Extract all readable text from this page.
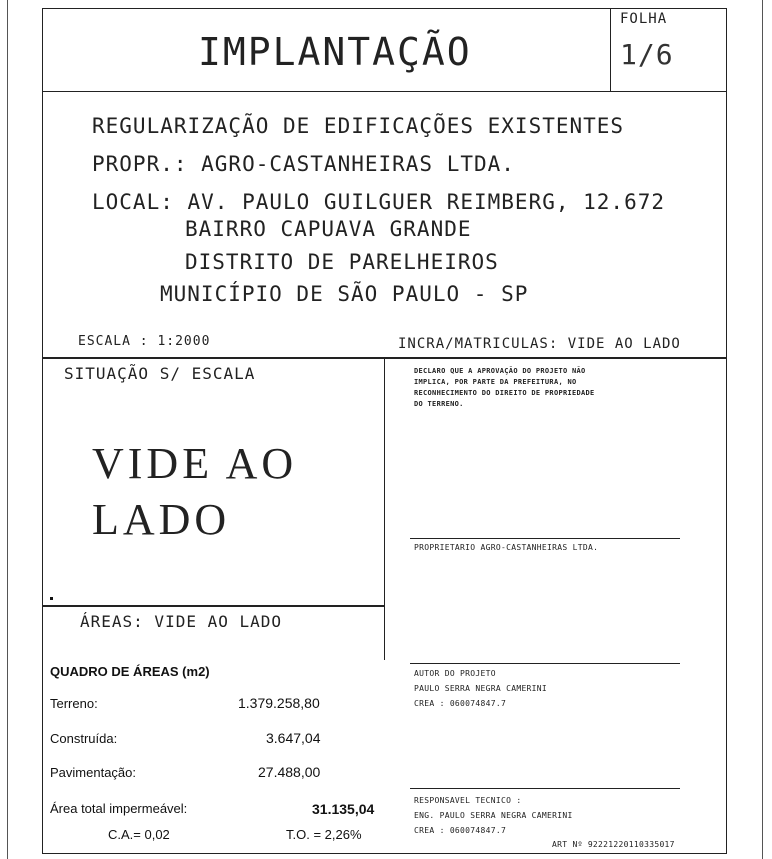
IMPLANTAÇÃO
FOLHA
1/6
REGULARIZAÇÃO DE EDIFICAÇÕES EXISTENTES
PROPR.: AGRO-CASTANHEIRAS LTDA.
LOCAL: AV. PAULO GUILGUER REIMBERG, 12.672
BAIRRO CAPUAVA GRANDE
DISTRITO DE PARELHEIROS
MUNICÍPIO DE SÃO PAULO - SP
ESCALA : 1:2000	INCRA/MATRICULAS: VIDE AO LADO
SITUAÇÃO S/ ESCALA
VIDE AO
LADO
DECLARO QUE A APROVAÇÃO DO PROJETO NÃO
IMPLICA, POR PARTE DA PREFEITURA, NO
RECONHECIMENTO DO DIREITO DE PROPRIEDADE
DO TERRENO.
PROPRIETARIO AGRO-CASTANHEIRAS LTDA.
ÁREAS: VIDE AO LADO
QUADRO DE ÁREAS (m2)
Terreno:	1.379.258,80
Construída:	3.647,04
Pavimentação:	27.488,00
Área total impermeável:	31.135,04
C.A.= 0,02	T.O. = 2,26%
AUTOR DO PROJETO
PAULO SERRA NEGRA CAMERINI
CREA : 060074847.7
RESPONSAVEL TECNICO :
ENG. PAULO SERRA NEGRA CAMERINI
CREA : 060074847.7
ART Nº 92221220110335017
